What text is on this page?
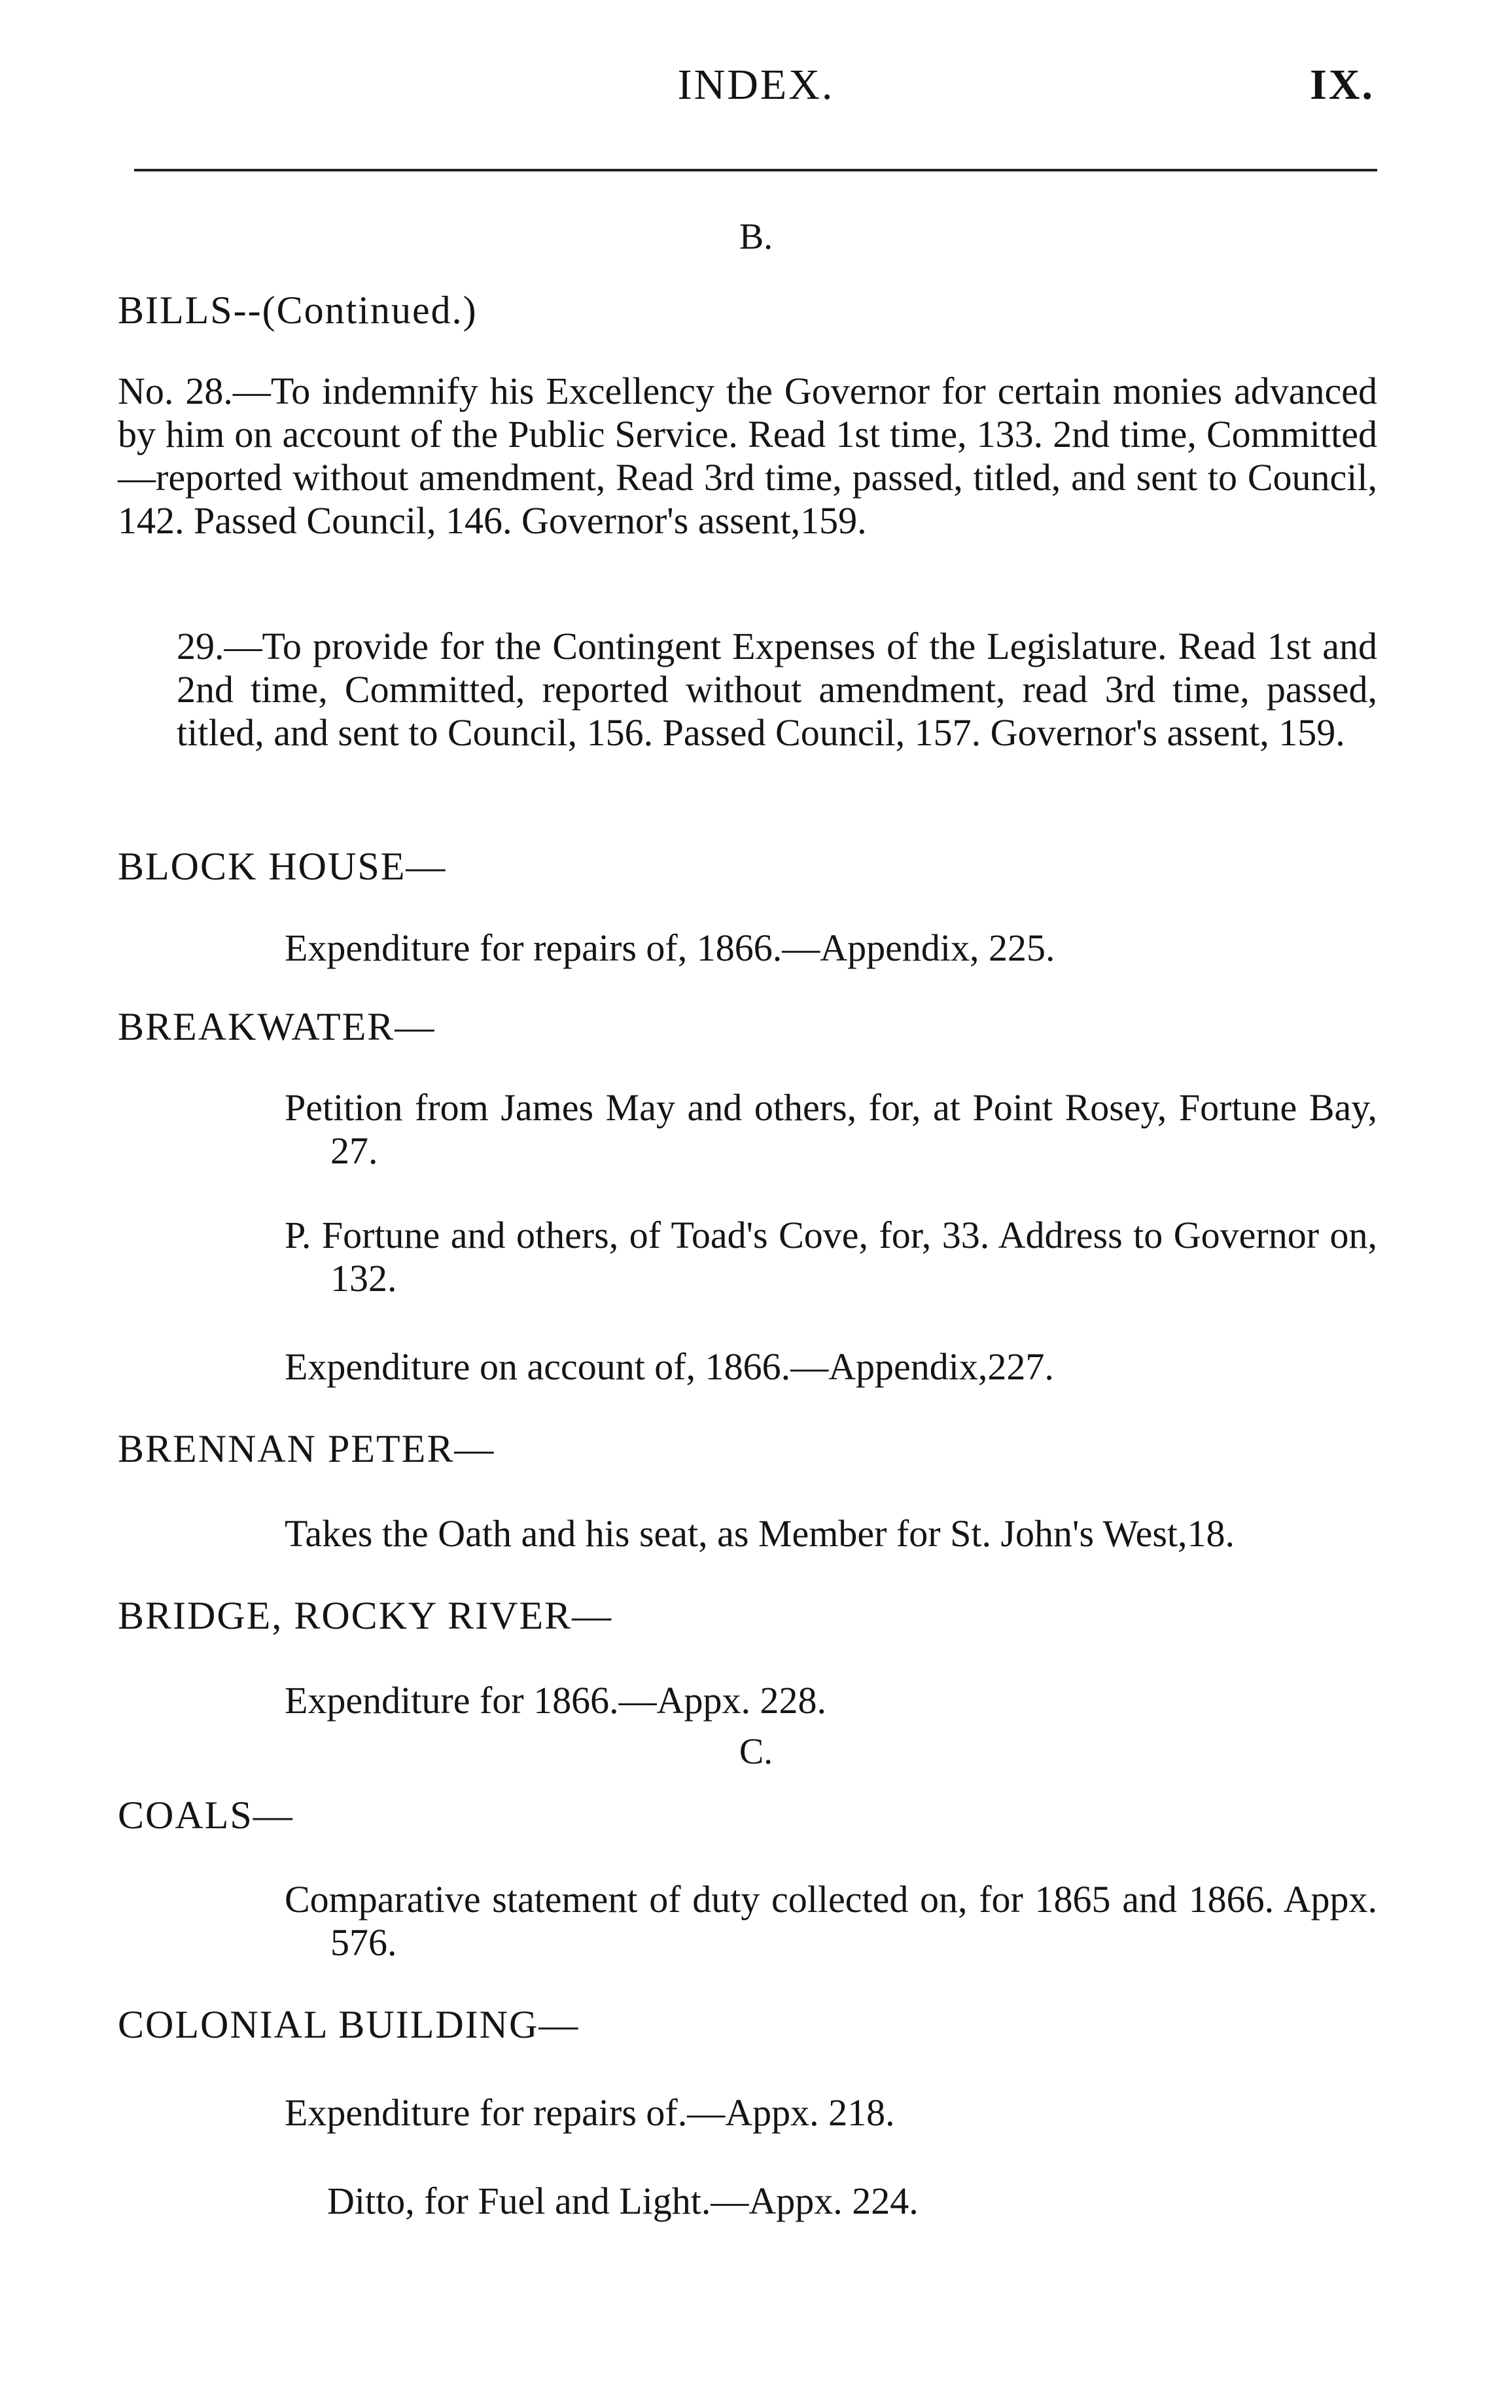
INDEX.	IX.
B.
BILLS--(Continued.)
No. 28.—To indemnify his Excellency the Governor for certain monies advanced by him on account of the Public Service. Read 1st time, 133. 2nd time, Committed—reported without amendment, Read 3rd time, passed, titled, and sent to Council, 142. Passed Council, 146. Governor's assent,159.
29.—To provide for the Contingent Expenses of the Legislature. Read 1st and 2nd time, Committed, reported without amendment, read 3rd time, passed, titled, and sent to Council, 156. Passed Council, 157. Governor's assent, 159.
BLOCK HOUSE—
Expenditure for repairs of, 1866.—Appendix, 225.
BREAKWATER—
Petition from James May and others, for, at Point Rosey, Fortune Bay, 27.
P. Fortune and others, of Toad's Cove, for, 33. Address to Governor on, 132.
Expenditure on account of, 1866.—Appendix,227.
BRENNAN PETER—
Takes the Oath and his seat, as Member for St. John's West,18.
BRIDGE, ROCKY RIVER—
Expenditure for 1866.—Appx. 228.
C.
COALS—
Comparative statement of duty collected on, for 1865 and 1866. Appx. 576.
COLONIAL BUILDING—
Expenditure for repairs of.—Appx. 218.
Ditto, for Fuel and Light.—Appx. 224.
